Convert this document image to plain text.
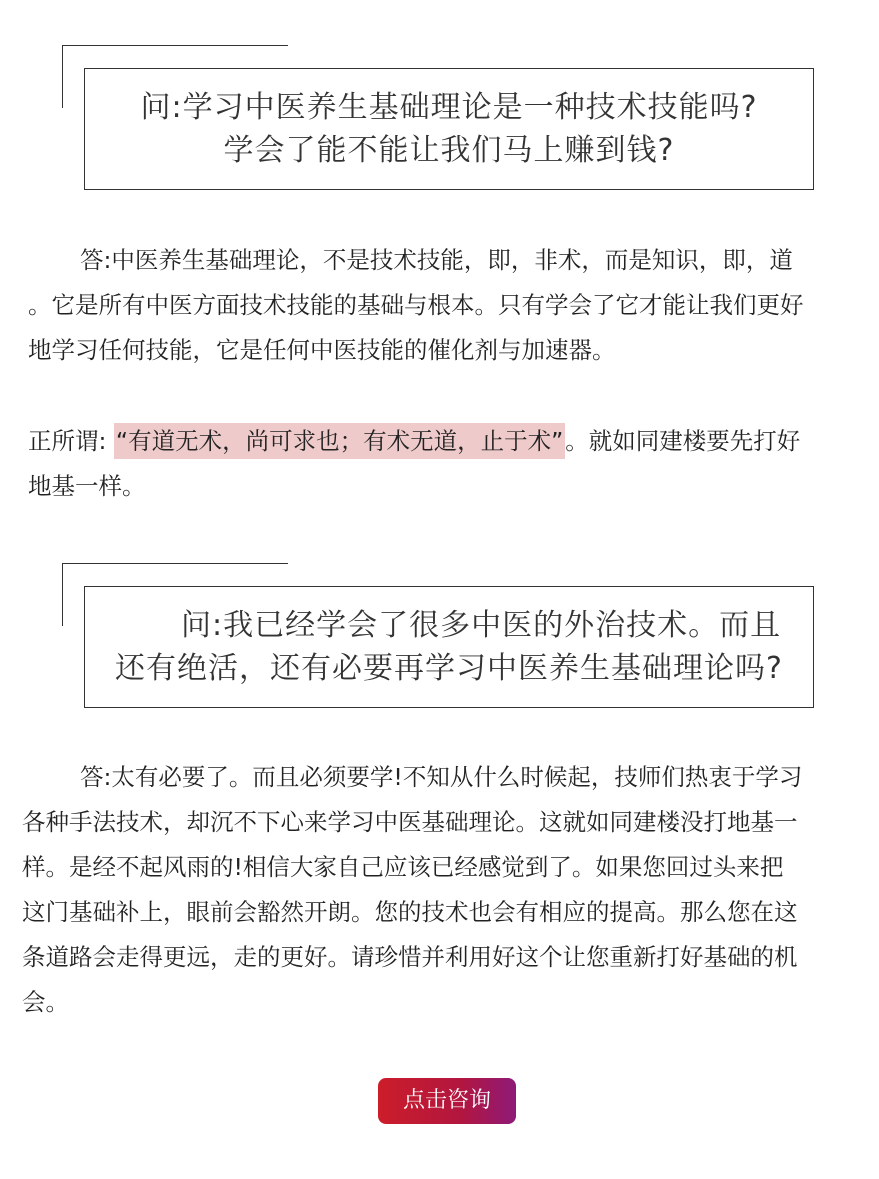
问:学习中医养生基础理论是一种技术技能吗?
学会了能不能让我们马上赚到钱?
答:中医养生基础理论，不是技术技能，即，非术，而是知识，即，道
。它是所有中医方面技术技能的基础与根本。只有学会了它才能让我们更好
地学习任何技能，它是任何中医技能的催化剂与加速器。
正所谓: “有道无术，尚可求也；有术无道，止于术”。就如同建楼要先打好
地基一样。
问:我已经学会了很多中医的外治技术。而且
还有绝活，还有必要再学习中医养生基础理论吗?
答:太有必要了。而且必须要学!不知从什么时候起，技师们热衷于学习
各种手法技术，却沉不下心来学习中医基础理论。这就如同建楼没打地基一
样。是经不起风雨的!相信大家自己应该已经感觉到了。如果您回过头来把
这门基础补上，眼前会豁然开朗。您的技术也会有相应的提高。那么您在这
条道路会走得更远，走的更好。请珍惜并利用好这个让您重新打好基础的机
会。
点击咨询
